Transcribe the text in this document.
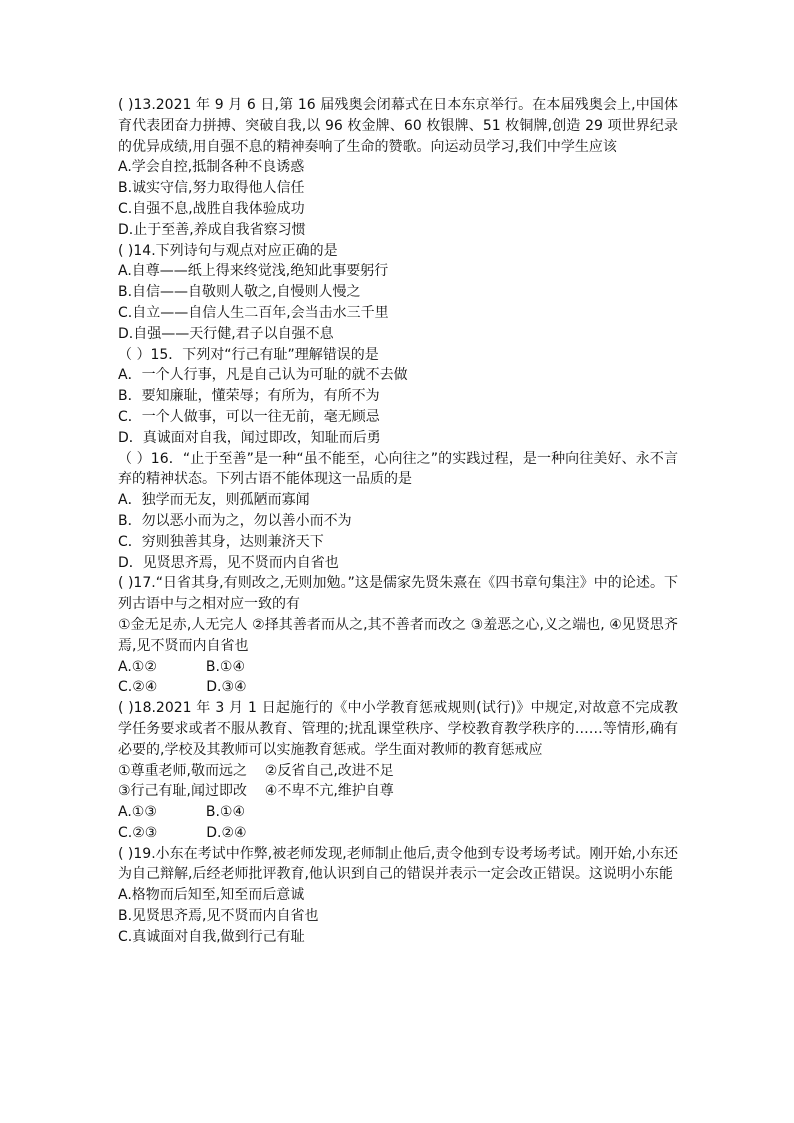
( )13.2021 年 9 月 6 日,第 16 届残奥会闭幕式在日本东京举行。在本届残奥会上,中国体育代表团奋力拼搏、突破自我,以 96 枚金牌、60 枚银牌、51 枚铜牌,创造 29 项世界纪录的优异成绩,用自强不息的精神奏响了生命的赞歌。向运动员学习,我们中学生应该
A.学会自控,抵制各种不良诱惑
B.诚实守信,努力取得他人信任
C.自强不息,战胜自我体验成功
D.止于至善,养成自我省察习惯
( )14.下列诗句与观点对应正确的是
A.自尊——纸上得来终觉浅,绝知此事要躬行
B.自信——自敬则人敬之,自慢则人慢之
C.自立——自信人生二百年,会当击水三千里
D.自强——天行健,君子以自强不息
（ ）15．下列对“行己有耻”理解错误的是
A．一个人行事，凡是自己认为可耻的就不去做
B．要知廉耻，懂荣辱；有所为，有所不为
C．一个人做事，可以一往无前，毫无顾忌
D．真诚面对自我，闻过即改，知耻而后勇
（ ）16．“止于至善”是一种“虽不能至，心向往之”的实践过程，是一种向往美好、永不言弃的精神状态。下列古语不能体现这一品质的是
A．独学而无友，则孤陋而寡闻
B．勿以恶小而为之，勿以善小而不为
C．穷则独善其身，达则兼济天下
D．见贤思齐焉，见不贤而内自省也
( )17.“日省其身,有则改之,无则加勉。”这是儒家先贤朱熹在《四书章句集注》中的论述。下列古语中与之相对应一致的有
①金无足赤,人无完人 ②择其善者而从之,其不善者而改之 ③羞恶之心,义之端也, ④见贤思齐焉,见不贤而内自省也
A.①②           B.①④
C.②④           D.③④
( )18.2021 年 3 月 1 日起施行的《中小学教育惩戒规则(试行)》中规定,对故意不完成教学任务要求或者不服从教育、管理的;扰乱课堂秩序、学校教育教学秩序的……等情形,确有必要的,学校及其教师可以实施教育惩戒。学生面对教师的教育惩戒应
①尊重老师,敬而远之    ②反省自己,改进不足
③行己有耻,闻过即改    ④不卑不亢,维护自尊
A.①③           B.①④
C.②③           D.②④
( )19.小东在考试中作弊,被老师发现,老师制止他后,责令他到专设考场考试。刚开始,小东还为自己辩解,后经老师批评教育,他认识到自己的错误并表示一定会改正错误。这说明小东能
A.格物而后知至,知至而后意诚
B.见贤思齐焉,见不贤而内自省也
C.真诚面对自我,做到行己有耻
